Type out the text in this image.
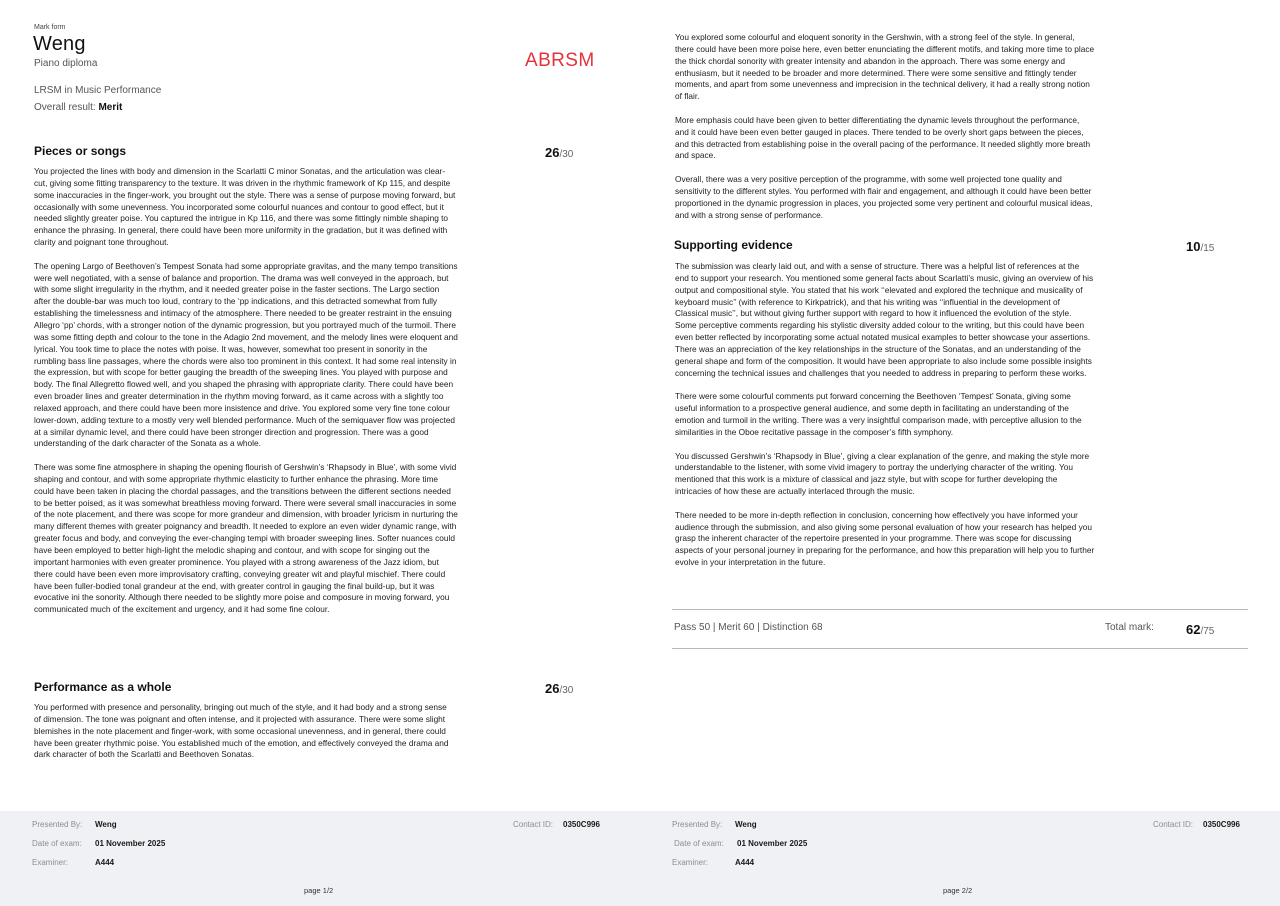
Mark form
Weng
Piano diploma	ABRSM
LRSM in Music Performance
Overall result: Merit
Pieces or songs	26/30

You projected the lines with body and dimension in the Scarlatti C minor Sonatas, and the articulation was clear-cut, giving some fitting transparency to the texture. It was driven in the rhythmic framework of Kp 115, and despite some inaccuracies in the finger-work, you brought out the style. There was a sense of purpose moving forward, but occasionally with some unevenness. You incorporated some colourful nuances and contour to good effect, but it needed slightly greater poise. You captured the intrigue in Kp 116, and there was some fittingly nimble shaping to enhance the phrasing. In general, there could have been more uniformity in the gradation, but it was defined with clarity and poignant tone throughout.

The opening Largo of Beethoven’s Tempest Sonata had some appropriate gravitas, and the many tempo transitions were well negotiated, with a sense of balance and proportion. The drama was well conveyed in the approach, but with some slight irregularity in the rhythm, and it needed greater poise in the faster sections. The Largo section after the double-bar was much too loud, contrary to the ‘pp indications, and this detracted somewhat from fully establishing the timelessness and intimacy of the atmosphere. There needed to be greater restraint in the ensuing Allegro ‘pp’ chords, with a stronger notion of the dynamic progression, but you portrayed much of the turmoil. There was some fitting depth and colour to the tone in the Adagio 2nd movement, and the melody lines were eloquent and lyrical. You took time to place the notes with poise. It was, however, somewhat too present in sonority in the rumbling bass line passages, where the chords were also too prominent in this context. It had some real intensity in the expression, but with scope for better gauging the breadth of the sweeping lines. You played with purpose and body. The final Allegretto flowed well, and you shaped the phrasing with appropriate clarity. There could have been even broader lines and greater determination in the rhythm moving forward, as it came across with a slightly too relaxed approach, and there could have been more insistence and drive. You explored some very fine tone colour lower-down, adding texture to a mostly very well blended performance. Much of the semiquaver flow was projected at a similar dynamic level, and there could have been stronger direction and progression. There was a good understanding of the dark character of the Sonata as a whole.

There was some fine atmosphere in shaping the opening flourish of Gershwin’s ‘Rhapsody in Blue’, with some vivid shaping and contour, and with some appropriate rhythmic elasticity to further enhance the phrasing. More time could have been taken in placing the chordal passages, and the transitions between the different sections needed to be better poised, as it was somewhat breathless moving forward. There were several small inaccuracies in some of the note placement, and there was scope for more grandeur and dimension, with broader lyricism in nurturing the many different themes with greater poignancy and breadth. It needed to explore an even wider dynamic range, with greater focus and body, and conveying the ever-changing tempi with broader sweeping lines. Softer nuances could have been employed to better high-light the melodic shaping and contour, and with scope for singing out the important harmonies with even greater prominence. You played with a strong awareness of the Jazz idiom, but there could have been even more improvisatory crafting, conveying greater wit and playful mischief. There could have been fuller-bodied tonal grandeur at the end, with greater control in gauging the final build-up, but it was evocative ini the sonority. Although there needed to be slightly more poise and composure in moving forward, you communicated much of the excitement and urgency, and it had some fine colour.

Performance as a whole	26/30

You performed with presence and personality, bringing out much of the style, and it had body and a strong sense of dimension. The tone was poignant and often intense, and it projected with assurance. There were some slight blemishes in the note placement and finger-work, with some occasional unevenness, and in general, there could have been greater rhythmic poise. You established much of the emotion, and effectively conveyed the drama and dark character of both the Scarlatti and Beethoven Sonatas.

Presented By: Weng	Contact ID: 0350C996
Date of exam: 01 November 2025
Examiner:	A444
page 1/2

You explored some colourful and eloquent sonority in the Gershwin, with a strong feel of the style. In general, there could have been more poise here, even better enunciating the different motifs, and taking more time to place the thick chordal sonority with greater intensity and abandon in the approach. There was some energy and enthusiasm, but it needed to be broader and more determined. There were some sensitive and fittingly tender moments, and apart from some unevenness and imprecision in the technical delivery, it had a really strong notion of flair.

More emphasis could have been given to better differentiating the dynamic levels throughout the performance, and it could have been even better gauged in places. There tended to be overly short gaps between the pieces, and this detracted from establishing poise in the overall pacing of the performance. It needed slightly more breath and space.

Overall, there was a very positive perception of the programme, with some well projected tone quality and sensitivity to the different styles. You performed with flair and engagement, and although it could have been better proportioned in the dynamic progression in places, you projected some very pertinent and colourful musical ideas, and with a strong sense of performance.

Supporting evidence	10/15

The submission was clearly laid out, and with a sense of structure. There was a helpful list of references at the end to support your research. You mentioned some general facts about Scarlatti’s music, giving an overview of his output and compositional style. You stated that his work ‘‘elevated and explored the technique and musicality of keyboard music’’ (with reference to Kirkpatrick), and that his writing was ‘‘influential in the development of Classical music’’, but without giving further support with regard to how it influenced the evolution of the style. Some perceptive comments regarding his stylistic diversity added colour to the writing, but this could have been even better reflected by incorporating some actual notated musical examples to better showcase your assertions. There was an appreciation of the key relationships in the structure of the Sonatas, and an understanding of the general shape and form of the composition. It would have been appropriate to also include some possible insights concerning the technical issues and challenges that you needed to address in preparing to perform these works.

There were some colourful comments put forward concerning the Beethoven ‘Tempest’ Sonata, giving some useful information to a prospective general audience, and some depth in facilitating an understanding of the emotion and turmoil in the writing. There was a very insightful comparison made, with perceptive allusion to the similarities in the Oboe recitative passage in the composer’s fifth symphony.

You discussed Gershwin’s ‘Rhapsody in Blue’, giving a clear explanation of the genre, and making the style more understandable to the listener, with some vivid imagery to portray the underlying character of the writing. You mentioned that this work is a mixture of classical and jazz style, but with scope for further developing the intricacies of how these are actually interlaced through the music.

There needed to be more in-depth reflection in conclusion, concerning how effectively you have informed your audience through the submission, and also giving some personal evaluation of how your research has helped you grasp the inherent character of the repertoire presented in your programme. There was scope for discussing aspects of your personal journey in preparing for the performance, and how this preparation will help you to further evolve in your interpretation in the future.

Pass 50 | Merit 60 | Distinction 68	Total mark: 62/75
Presented By: Weng	Contact ID: 0350C996
Date of exam: 01 November 2025
Examiner:	A444
page 2/2
